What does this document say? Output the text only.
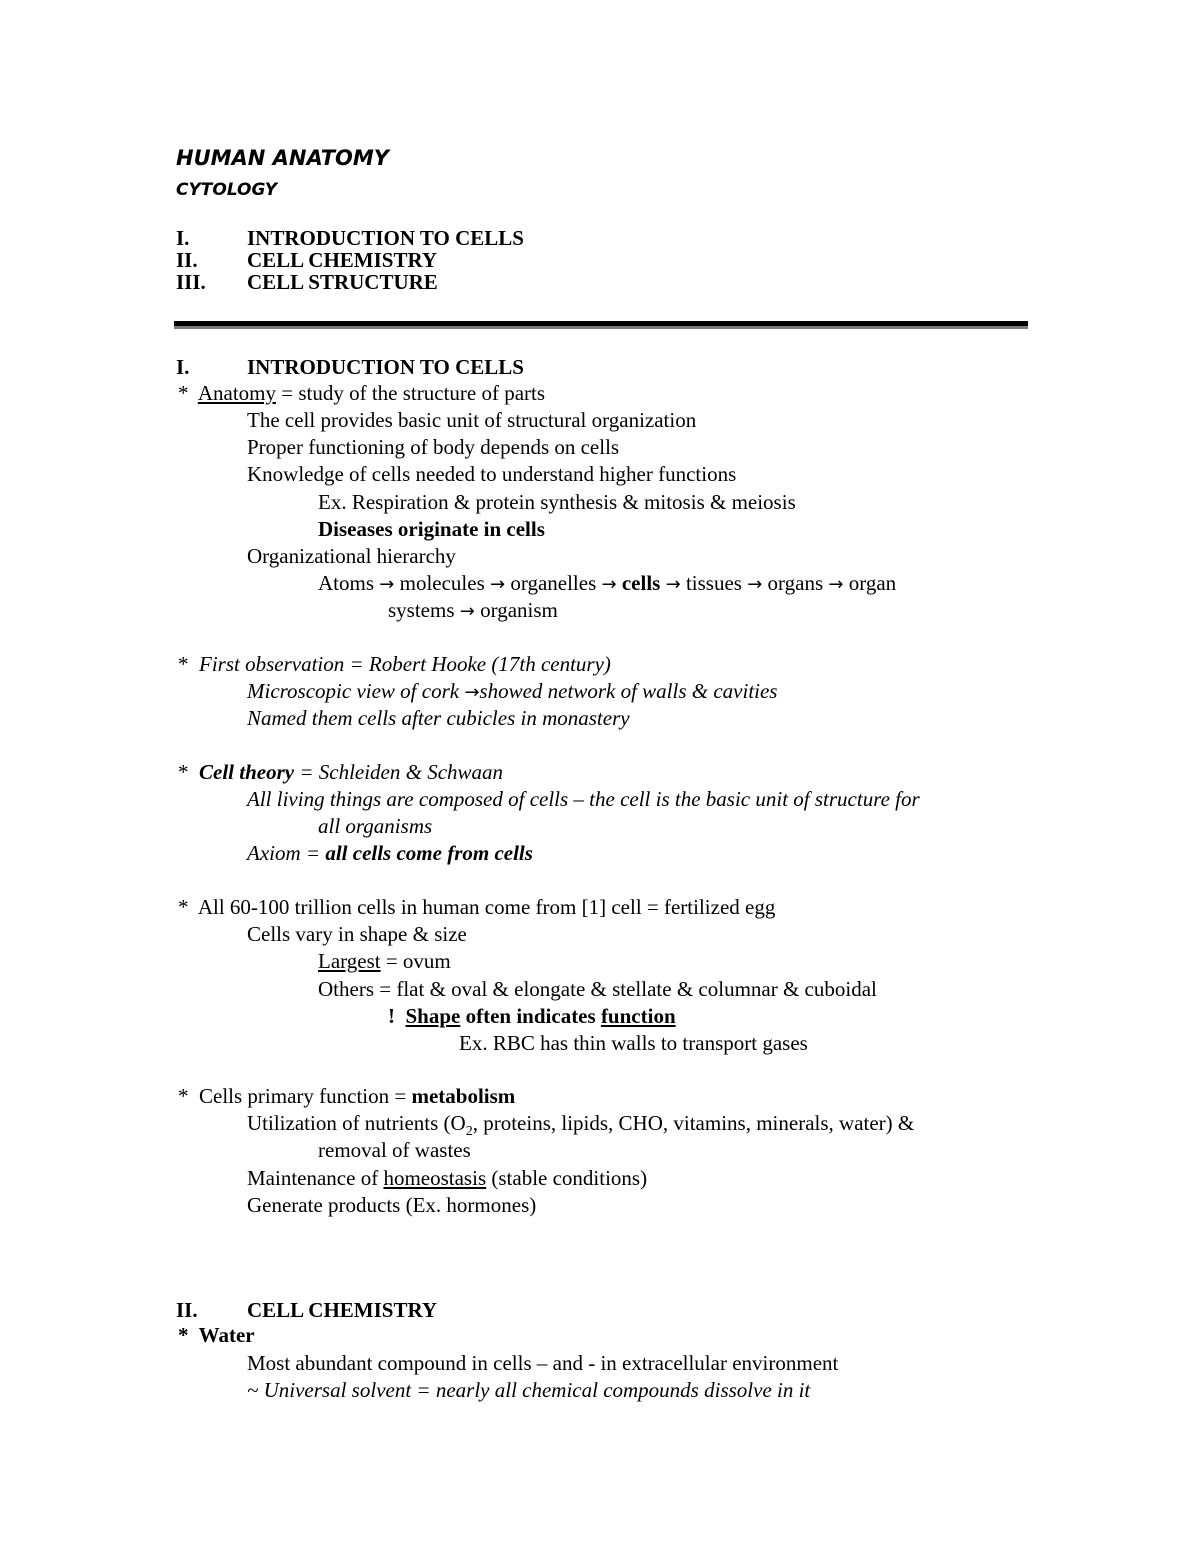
HUMAN ANATOMY
CYTOLOGY
I.	INTRODUCTION TO CELLS
II. CELL CHEMISTRY
III. CELL STRUCTURE
I.	INTRODUCTION TO CELLS
* Anatomy = study of the structure of parts
The cell provides basic unit of structural organization
Proper functioning of body depends on cells
Knowledge of cells needed to understand higher functions
Ex. Respiration & protein synthesis & mitosis & meiosis
Diseases originate in cells
Organizational hierarchy
Atoms → molecules → organelles → cells → tissues → organs → organ
systems → organism
* First observation = Robert Hooke (17th century)
Microscopic view of cork →showed network of walls & cavities
Named them cells after cubicles in monastery
* Cell theory = Schleiden & Schwaan
All living things are composed of cells – the cell is the basic unit of structure for
all organisms
Axiom = all cells come from cells
* All 60-100 trillion cells in human come from [1] cell = fertilized egg
Cells vary in shape & size
Largest = ovum
Others = flat & oval & elongate & stellate & columnar & cuboidal
! Shape often indicates function
Ex. RBC has thin walls to transport gases
* Cells primary function = metabolism
Utilization of nutrients ($O_2$, proteins, lipids, CHO, vitamins, minerals, water) &
removal of wastes
Maintenance of homeostasis (stable conditions)
Generate products (Ex. hormones)
II. CELL CHEMISTRY
* Water
Most abundant compound in cells – and - in extracellular environment
~ Universal solvent = nearly all chemical compounds dissolve in it
